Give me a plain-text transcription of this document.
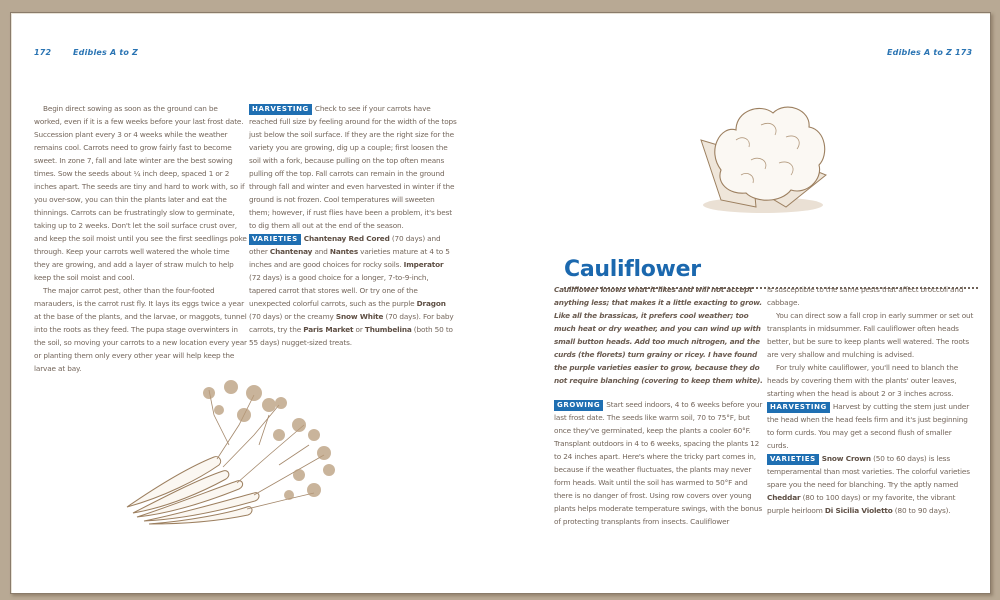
172	Edibles A to Z

Begin direct sowing as soon as the ground can be worked, even if it is a few weeks before your last frost date. Succession plant every 3 or 4 weeks while the weather remains cool. Carrots need to grow fairly fast to become sweet. In zone 7, fall and late winter are the best sowing times. Sow the seeds about ¼ inch deep, spaced 1 or 2 inches apart. The seeds are tiny and hard to work with, so if you over-sow, you can thin the plants later and eat the thinnings. Carrots can be frustratingly slow to germinate, taking up to 2 weeks. Don't let the soil surface crust over, and keep the soil moist until you see the first seedlings poke through. Keep your carrots well watered the whole time they are growing, and add a layer of straw mulch to help keep the soil moist and cool.

The major carrot pest, other than the four-footed marauders, is the carrot rust fly. It lays its eggs twice a year at the base of the plants, and the larvae, or maggots, tunnel into the roots as they feed. The pupa stage overwinters in the soil, so moving your carrots to a new location every year or planting them only every other year will help keep the larvae at bay.

HARVESTING Check to see if your carrots have reached full size by feeling around for the width of the tops just below the soil surface. If they are the right size for the variety you are growing, dig up a couple; first loosen the soil with a fork, because pulling on the top often means pulling off the top. Fall carrots can remain in the ground through fall and winter and even harvested in winter if the ground is not frozen. Cool temperatures will sweeten them; however, if rust flies have been a problem, it's best to dig them all out at the end of the season.

VARIETIES Chantenay Red Cored (70 days) and other Chantenay and Nantes varieties mature at 4 to 5 inches and are good choices for rocky soils. Imperator (72 days) is a good choice for a longer, 7-to-9-inch, tapered carrot that stores well. Or try one of the unexpected colorful carrots, such as the purple Dragon (70 days) or the creamy Snow White (70 days). For baby carrots, try the Paris Market or Thumbelina (both 50 to 55 days) nugget-sized treats.

Edibles A to Z 173
Cauliflower

Cauliflower knows what it likes and will not accept anything less; that makes it a little exacting to grow. Like all the brassicas, it prefers cool weather; too much heat or dry weather, and you can wind up with small button heads. Add too much nitrogen, and the curds (the florets) turn grainy or ricey. I have found the purple varieties easier to grow, because they do not require blanching (covering to keep them white).

GROWING Start seed indoors, 4 to 6 weeks before your last frost date. The seeds like warm soil, 70 to 75°F, but once they've germinated, keep the plants a cooler 60°F. Transplant outdoors in 4 to 6 weeks, spacing the plants 12 to 24 inches apart. Here's where the tricky part comes in, because if the weather fluctuates, the plants may never form heads. Wait until the soil has warmed to 50°F and there is no danger of frost. Using row covers over young plants helps moderate temperature swings, with the bonus of protecting transplants from insects. Cauliflower

is susceptible to the same pests that affect broccoli and cabbage.

You can direct sow a fall crop in early summer or set out transplants in midsummer. Fall cauliflower often heads better, but be sure to keep plants well watered. The roots are very shallow and mulching is advised.

For truly white cauliflower, you'll need to blanch the heads by covering them with the plants' outer leaves, starting when the head is about 2 or 3 inches across.

HARVESTING Harvest by cutting the stem just under the head when the head feels firm and it's just beginning to form curds. You may get a second flush of smaller curds.

VARIETIES Snow Crown (50 to 60 days) is less temperamental than most varieties. The colorful varieties spare you the need for blanching. Try the aptly named Cheddar (80 to 100 days) or my favorite, the vibrant purple heirloom Di Sicilia Violetto (80 to 90 days).
